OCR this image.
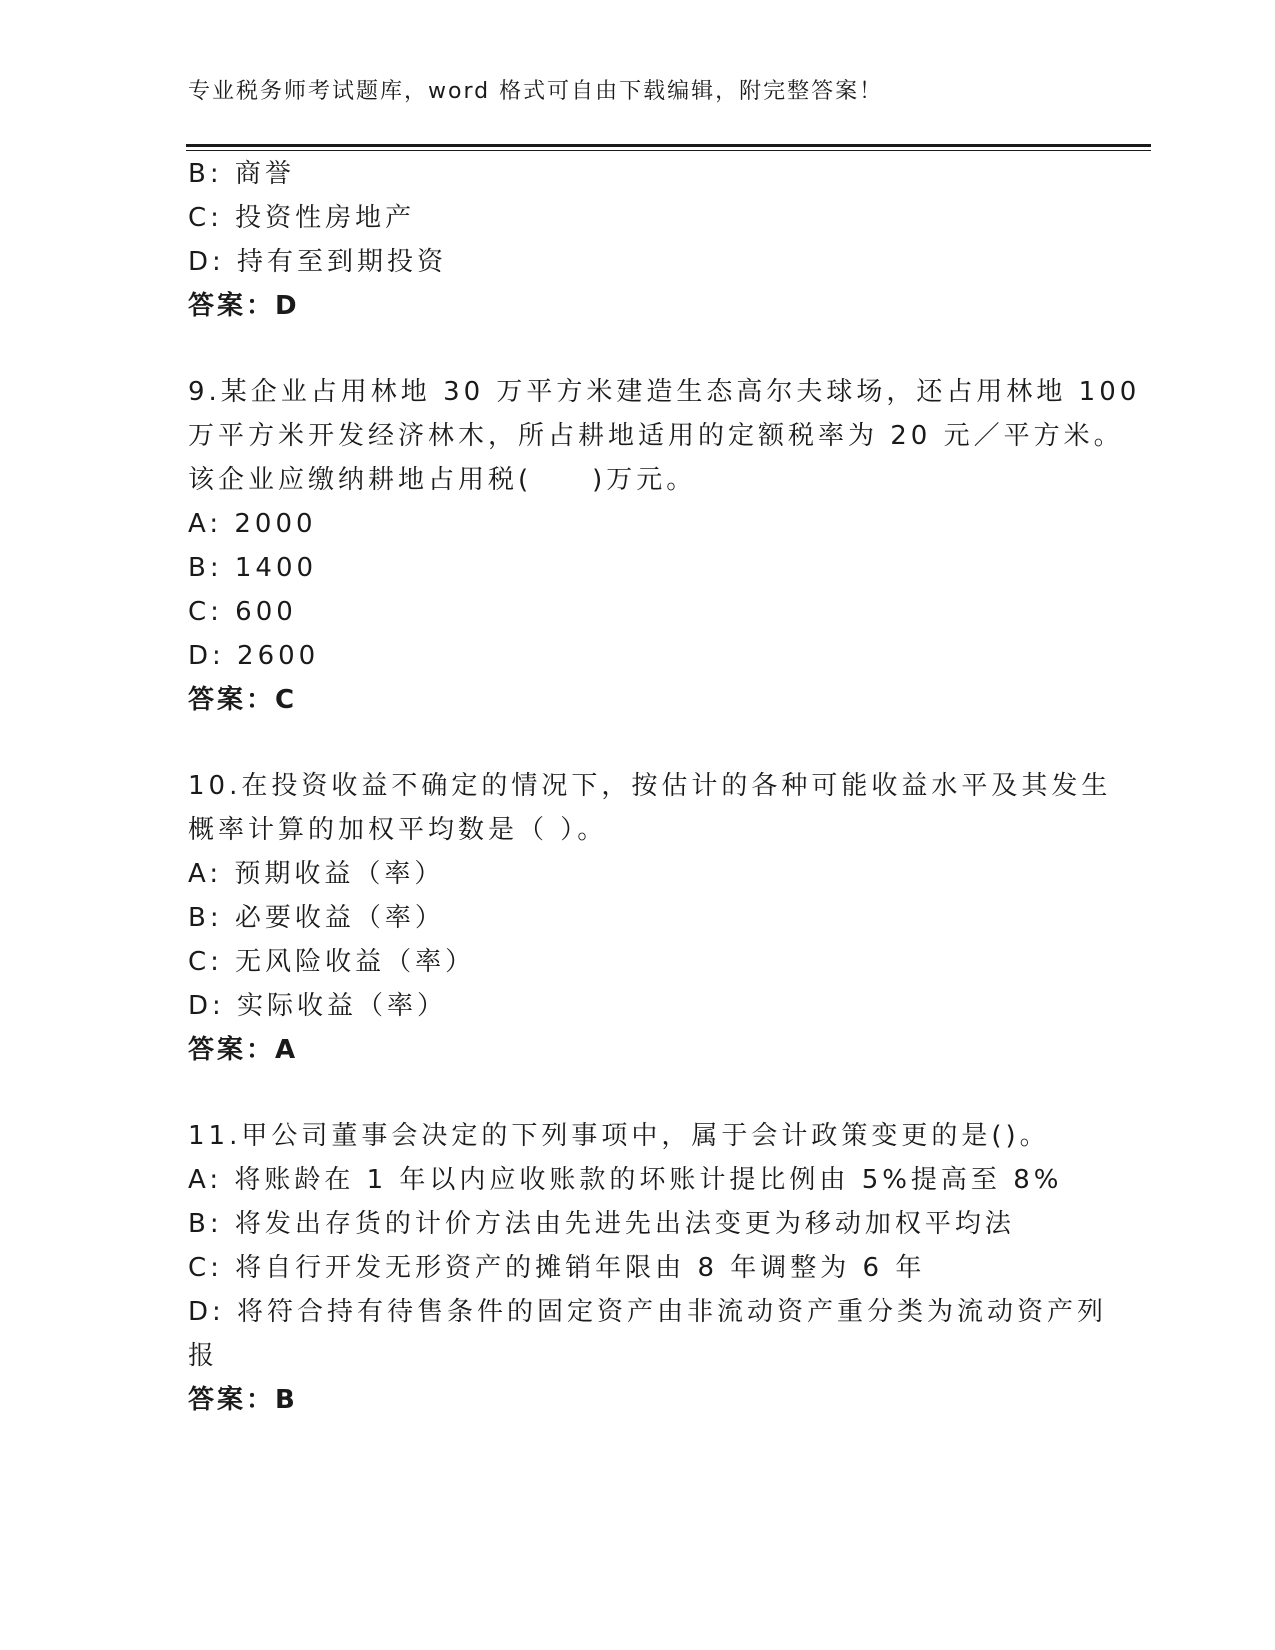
专业税务师考试题库，word 格式可自由下载编辑，附完整答案！
B: 商誉
C: 投资性房地产
D: 持有至到期投资
答案：D
9.某企业占用林地 30 万平方米建造生态高尔夫球场，还占用林地 100
万平方米开发经济林木，所占耕地适用的定额税率为 20 元／平方米。
该企业应缴纳耕地占用税(　　)万元。
A: 2000
B: 1400
C: 600
D: 2600
答案：C
10.在投资收益不确定的情况下，按估计的各种可能收益水平及其发生
概率计算的加权平均数是（ ）。
A: 预期收益（率）
B: 必要收益（率）
C: 无风险收益（率）
D: 实际收益（率）
答案：A
11.甲公司董事会决定的下列事项中，属于会计政策变更的是()。
A: 将账龄在 1 年以内应收账款的坏账计提比例由 5%提高至 8%
B: 将发出存货的计价方法由先进先出法变更为移动加权平均法
C: 将自行开发无形资产的摊销年限由 8 年调整为 6 年
D: 将符合持有待售条件的固定资产由非流动资产重分类为流动资产列
报
答案：B
